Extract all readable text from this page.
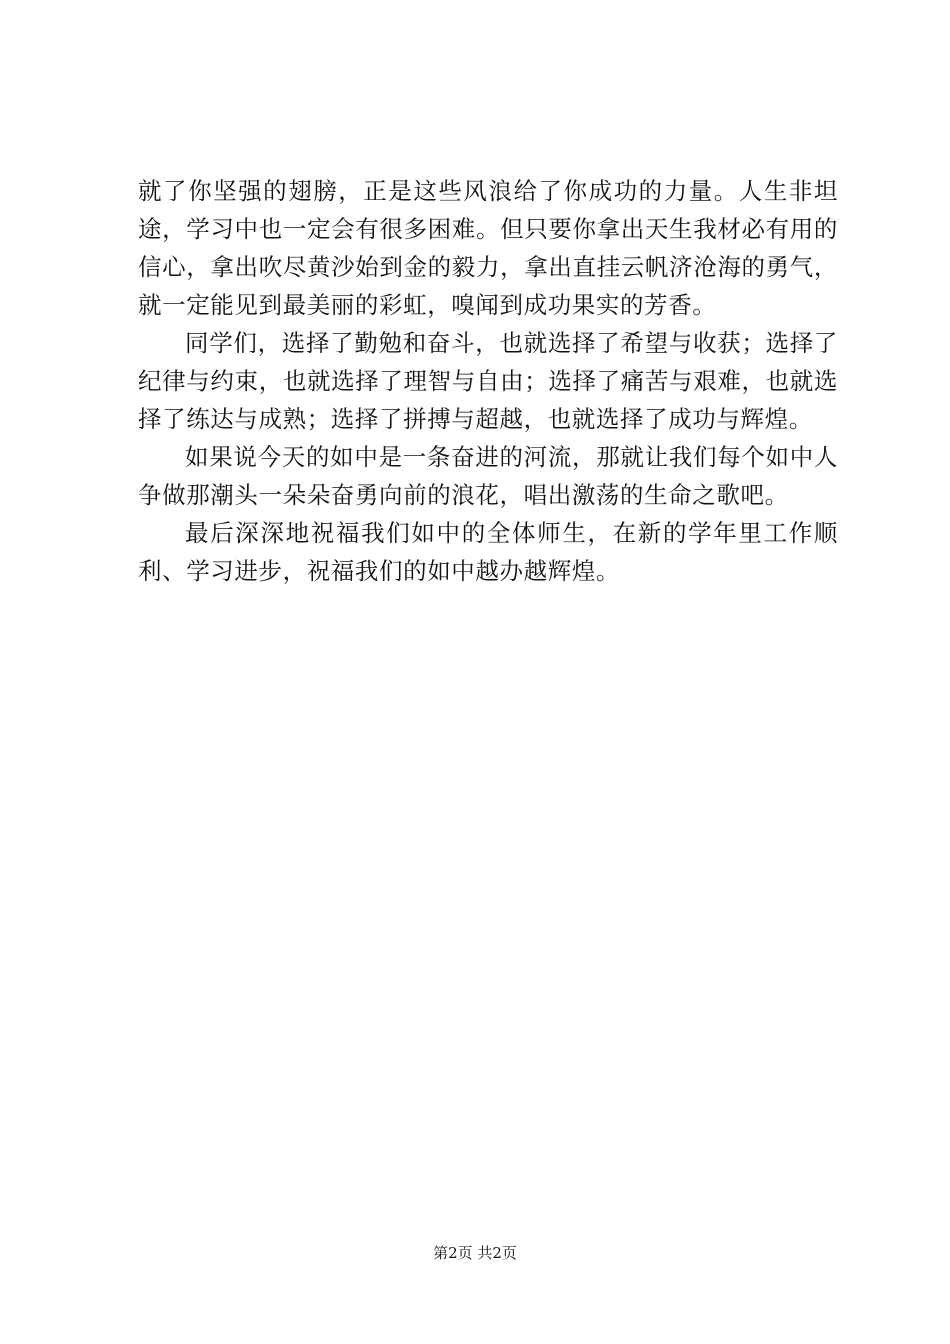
就了你坚强的翅膀，正是这些风浪给了你成功的力量。人生非坦途，学习中也一定会有很多困难。但只要你拿出天生我材必有用的信心，拿出吹尽黄沙始到金的毅力，拿出直挂云帆济沧海的勇气，就一定能见到最美丽的彩虹，嗅闻到成功果实的芳香。

同学们，选择了勤勉和奋斗，也就选择了希望与收获；选择了纪律与约束，也就选择了理智与自由；选择了痛苦与艰难，也就选择了练达与成熟；选择了拼搏与超越，也就选择了成功与辉煌。

如果说今天的如中是一条奋进的河流，那就让我们每个如中人争做那潮头一朵朵奋勇向前的浪花，唱出激荡的生命之歌吧。

最后深深地祝福我们如中的全体师生，在新的学年里工作顺利、学习进步，祝福我们的如中越办越辉煌。

第2页 共2页
